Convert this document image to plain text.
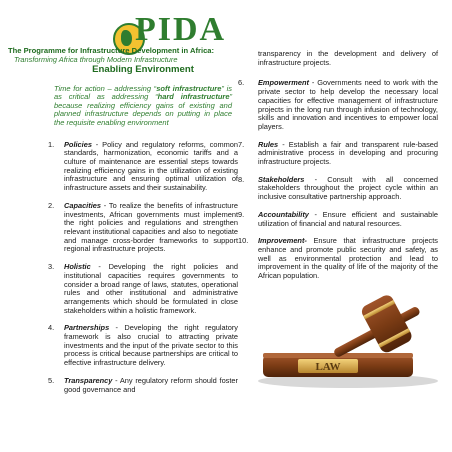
PIDA
The Programme for Infrastructure Development in Africa:
Transforming Africa through Modern Infrastructure
Enabling Environment
Time for action – addressing “soft infrastructure” is as critical as addressing “hard infrastructure” because realizing efficiency gains of existing and planned infrastructure depends on putting in place the requisite enabling environment
1.	Policies - Policy and regulatory reforms, common standards, harmonization, economic tariffs and a culture of maintenance are essential steps towards realizing efficiency gains in the utilization of existing infrastructure and ensuring optimal utilization of infrastructure assets and their sustainability.
2.	Capacities - To realize the benefits of infrastructure investments, African governments must implement the right policies and regulations and strengthen relevant institutional capacities and also to negotiate and manage cross-border frameworks to support regional infrastructure projects.
3.	Holistic - Developing the right policies and institutional capacities requires governments to consider a broad range of laws, statutes, operational rules and other institutional and administrative arrangements which should be formulated in close stakeholders within a holistic framework.
4.	Partnerships - Developing the right regulatory framework is also crucial to attracting private investments and the input of the private sector to this process is critical because partnerships are critical to effective infrastructure delivery.
5.	Transparency - Any regulatory reform should foster good governance and
transparency in the development and delivery of infrastructure projects.
6.	Empowerment - Governments need to work with the private sector to help develop the necessary local capacities for effective management of infrastructure projects in the long run through infusion of technology, skills and innovation and incentives to empower local players.
7.	Rules - Establish a fair and transparent rule-based administrative process in developing and procuring infrastructure projects.
8.	Stakeholders - Consult with all concerned stakeholders throughout the project cycle within an inclusive consultative partnership approach.
9.	Accountability - Ensure efficient and sustainable utilization of financial and natural resources.
10.	Improvement- Ensure that infrastructure projects enhance and promote public security and safety, as well as environmental protection and lead to improvement in the quality of life of the majority of the African population.
LAW
